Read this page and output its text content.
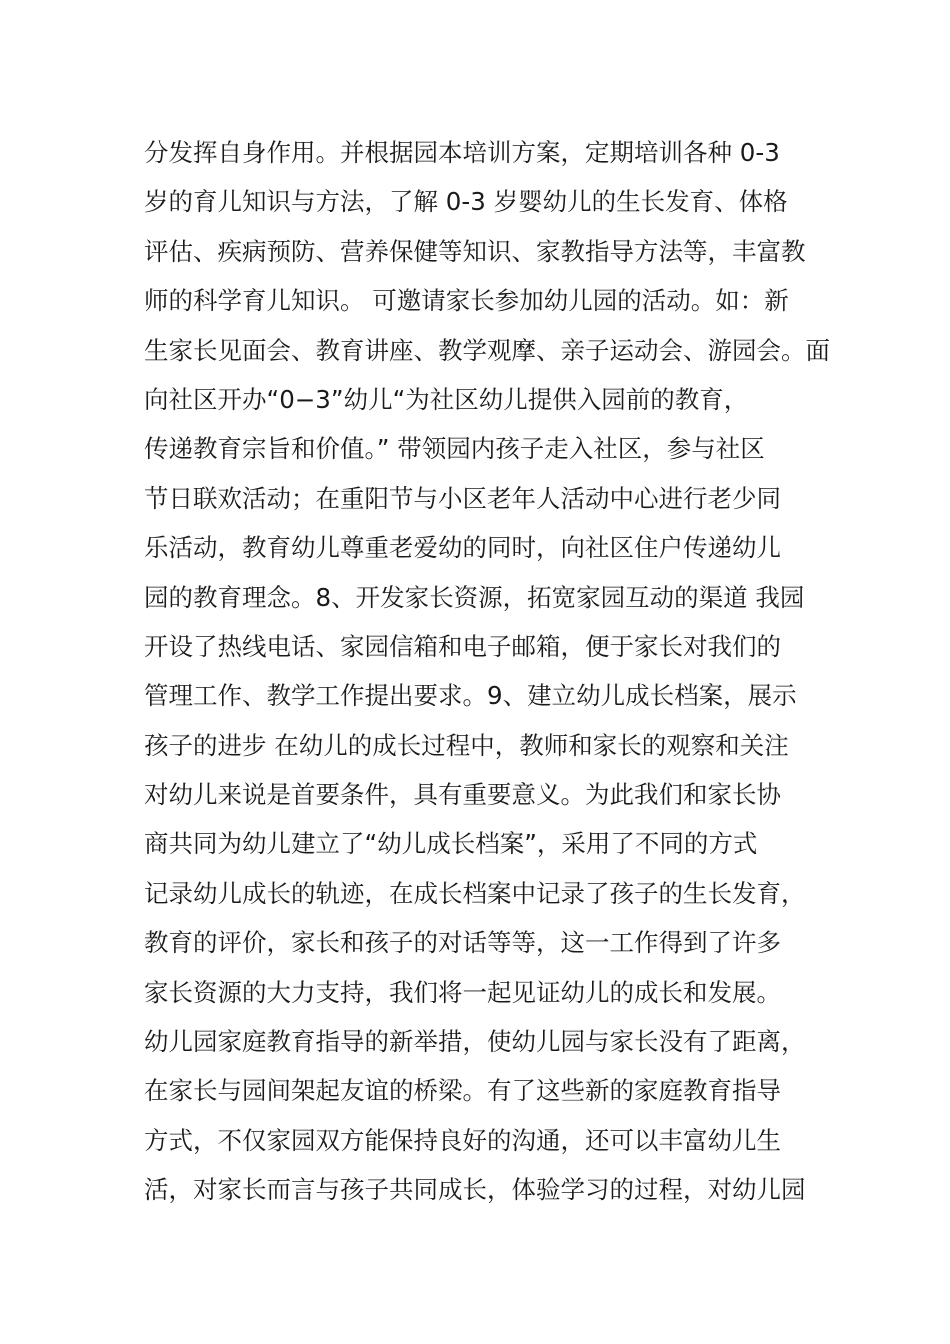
分发挥自身作用。并根据园本培训方案，定期培训各种 0-3
岁的育儿知识与方法，了解 0-3 岁婴幼儿的生长发育、体格
评估、疾病预防、营养保健等知识、家教指导方法等，丰富教
师的科学育儿知识。 可邀请家长参加幼儿园的活动。如：新
生家长见面会、教育讲座、教学观摩、亲子运动会、游园会。面
向社区开办“0−3”幼儿“为社区幼儿提供入园前的教育，
传递教育宗旨和价值。” 带领园内孩子走入社区，参与社区
节日联欢活动；在重阳节与小区老年人活动中心进行老少同
乐活动，教育幼儿尊重老爱幼的同时，向社区住户传递幼儿
园的教育理念。8、开发家长资源，拓宽家园互动的渠道 我园
开设了热线电话、家园信箱和电子邮箱，便于家长对我们的
管理工作、教学工作提出要求。9、建立幼儿成长档案，展示
孩子的进步 在幼儿的成长过程中，教师和家长的观察和关注
对幼儿来说是首要条件，具有重要意义。为此我们和家长协
商共同为幼儿建立了“幼儿成长档案”，采用了不同的方式
记录幼儿成长的轨迹，在成长档案中记录了孩子的生长发育，
教育的评价，家长和孩子的对话等等，这一工作得到了许多
家长资源的大力支持，我们将一起见证幼儿的成长和发展。
幼儿园家庭教育指导的新举措，使幼儿园与家长没有了距离，
在家长与园间架起友谊的桥梁。有了这些新的家庭教育指导
方式，不仅家园双方能保持良好的沟通，还可以丰富幼儿生
活，对家长而言与孩子共同成长，体验学习的过程，对幼儿园
